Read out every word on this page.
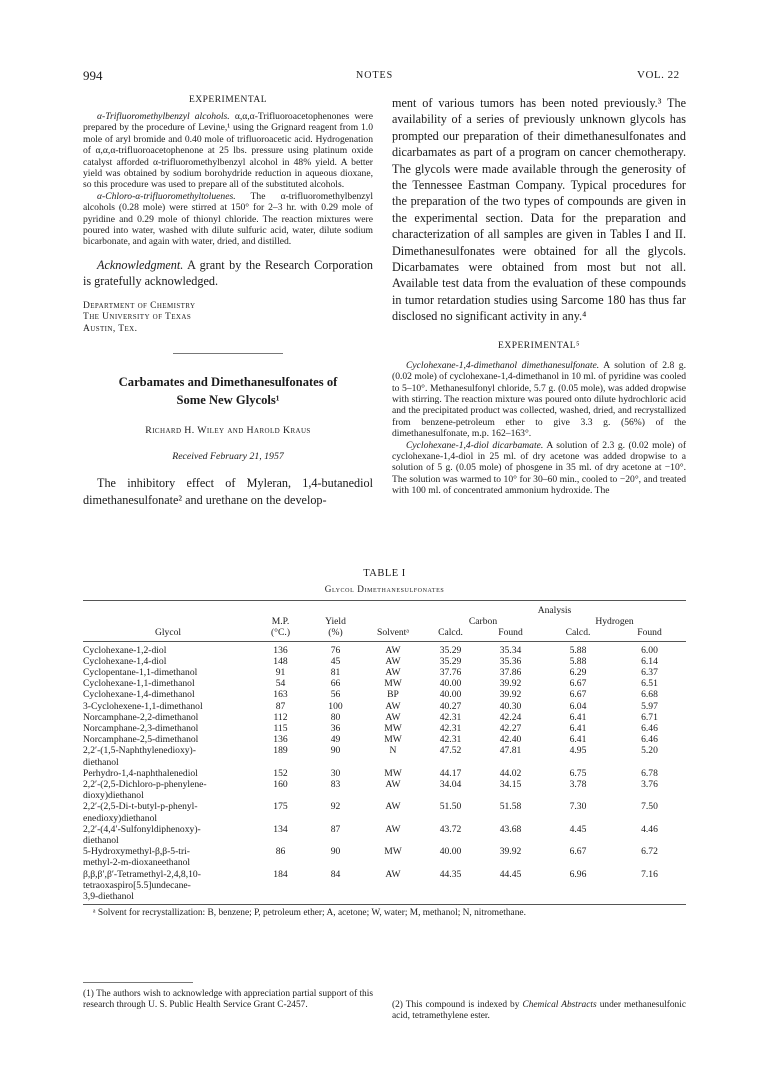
994	NOTES	VOL. 22
EXPERIMENTAL

α-Trifluoromethylbenzyl alcohols. α,α,α-Trifluoroacetophenones were prepared by the procedure of Levine,¹ using the Grignard reagent from 1.0 mole of aryl bromide and 0.40 mole of trifluoroacetic acid. Hydrogenation of α,α,α-trifluoroacetophenone at 25 lbs. pressure using platinum oxide catalyst afforded α-trifluoromethylbenzyl alcohol in 48% yield. A better yield was obtained by sodium borohydride reduction in aqueous dioxane, so this procedure was used to prepare all of the substituted alcohols.

α-Chloro-α-trifluoromethyltoluenes. The α-trifluoromethylbenzyl alcohols (0.28 mole) were stirred at 150° for 2–3 hr. with 0.29 mole of pyridine and 0.29 mole of thionyl chloride. The reaction mixtures were poured into water, washed with dilute sulfuric acid, water, dilute sodium bicarbonate, and again with water, dried, and distilled.

Acknowledgment. A grant by the Research Corporation is gratefully acknowledged.

Department of Chemistry
The University of Texas
Austin, Tex.
Carbamates and Dimethanesulfonates of
Some New Glycols¹
Richard H. Wiley and Harold Kraus
Received February 21, 1957

The inhibitory effect of Myleran, 1,4-butanediol dimethanesulfonate² and urethane on the develop-

ment of various tumors has been noted previously.³ The availability of a series of previously unknown glycols has prompted our preparation of their dimethanesulfonates and dicarbamates as part of a program on cancer chemotherapy. The glycols were made available through the generosity of the Tennessee Eastman Company. Typical procedures for the preparation of the two types of compounds are given in the experimental section. Data for the preparation and characterization of all samples are given in Tables I and II. Dimethanesulfonates were obtained for all the glycols. Dicarbamates were obtained from most but not all. Available test data from the evaluation of these compounds in tumor retardation studies using Sarcome 180 has thus far disclosed no significant activity in any.⁴

EXPERIMENTAL⁵

Cyclohexane-1,4-dimethanol dimethanesulfonate. A solution of 2.8 g. (0.02 mole) of cyclohexane-1,4-dimethanol in 10 ml. of pyridine was cooled to 5–10°. Methanesulfonyl chloride, 5.7 g. (0.05 mole), was added dropwise with stirring. The reaction mixture was poured onto dilute hydrochloric acid and the precipitated product was collected, washed, dried, and recrystallized from benzene-petroleum ether to give 3.3 g. (56%) of the dimethanesulfonate, m.p. 162–163°.

Cyclohexane-1,4-diol dicarbamate. A solution of 2.3 g. (0.02 mole) of cyclohexane-1,4-diol in 25 ml. of dry acetone was added dropwise to a solution of 5 g. (0.05 mole) of phosgene in 35 ml. of dry acetone at −10°. The solution was warmed to 10° for 30–60 min., cooled to −20°, and treated with 100 ml. of concentrated ammonium hydroxide. The

TABLE I
Glycol Dimethanesulfonates
				Analysis			
	M.P.	Yield		Carbon		Hydrogen	
Glycol	(°C.)	(%)	Solventᵃ	Calcd.	Found	Calcd.	Found
Cyclohexane-1,2-diol	136	76	AW	35.29	35.34	5.88	6.00
Cyclohexane-1,4-diol	148	45	AW	35.29	35.36	5.88	6.14
Cyclopentane-1,1-dimethanol	91	81	AW	37.76	37.86	6.29	6.37
Cyclohexane-1,1-dimethanol	54	66	MW	40.00	39.92	6.67	6.51
Cyclohexane-1,4-dimethanol	163	56	BP	40.00	39.92	6.67	6.68
3-Cyclohexene-1,1-dimethanol	87	100	AW	40.27	40.30	6.04	5.97
Norcamphane-2,2-dimethanol	112	80	AW	42.31	42.24	6.41	6.71
Norcamphane-2,3-dimethanol	115	36	MW	42.31	42.27	6.41	6.46
Norcamphane-2,5-dimethanol	136	49	MW	42.31	42.40	6.41	6.46
2,2′-(1,5-Naphthylenedioxy)-
diethanol	189	90	N	47.52	47.81	4.95	5.20
Perhydro-1,4-naphthalenediol	152	30	MW	44.17	44.02	6.75	6.78
2,2′-(2,5-Dichloro-p-phenylene-
dioxy)diethanol	160	83	AW	34.04	34.15	3.78	3.76
2,2′-(2,5-Di-t-butyl-p-phenyl-
enedioxy)diethanol	175	92	AW	51.50	51.58	7.30	7.50
2,2′-(4,4′-Sulfonyldiphenoxy)-
diethanol	134	87	AW	43.72	43.68	4.45	4.46
5-Hydroxymethyl-β,β-5-tri-
methyl-2-m-dioxaneethanol	86	90	MW	40.00	39.92	6.67	6.72
β,β,β′,β′-Tetramethyl-2,4,8,10-
tetraoxaspiro[5.5]undecane-
3,9-diethanol	184	84	AW	44.35	44.45	6.96	7.16
ᵃ Solvent for recrystallization: B, benzene; P, petroleum ether; A, acetone; W, water; M, methanol; N, nitromethane.
(1) The authors wish to acknowledge with appreciation partial support of this research through U. S. Public Health Service Grant C-2457.	(2) This compound is indexed by Chemical Abstracts under methanesulfonic acid, tetramethylene ester.
